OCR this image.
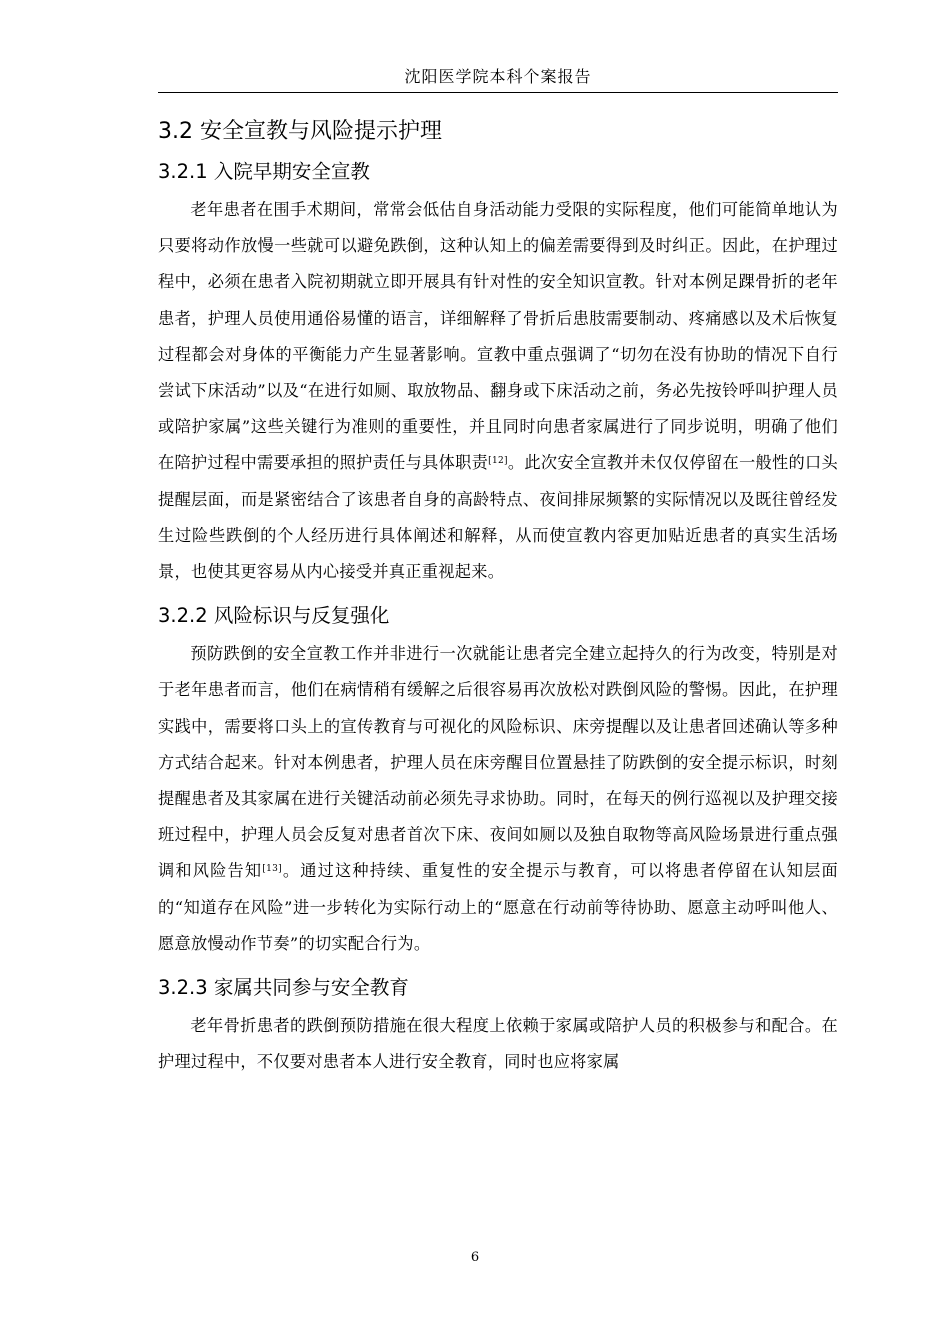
沈阳医学院本科个案报告
3.2 安全宣教与风险提示护理
3.2.1 入院早期安全宣教

老年患者在围手术期间，常常会低估自身活动能力受限的实际程度，他们可能简单地认为只要将动作放慢一些就可以避免跌倒，这种认知上的偏差需要得到及时纠正。因此，在护理过程中，必须在患者入院初期就立即开展具有针对性的安全知识宣教。针对本例足踝骨折的老年患者，护理人员使用通俗易懂的语言，详细解释了骨折后患肢需要制动、疼痛感以及术后恢复过程都会对身体的平衡能力产生显著影响。宣教中重点强调了“切勿在没有协助的情况下自行尝试下床活动”以及“在进行如厕、取放物品、翻身或下床活动之前，务必先按铃呼叫护理人员或陪护家属”这些关键行为准则的重要性，并且同时向患者家属进行了同步说明，明确了他们在陪护过程中需要承担的照护责任与具体职责[12]。此次安全宣教并未仅仅停留在一般性的口头提醒层面，而是紧密结合了该患者自身的高龄特点、夜间排尿频繁的实际情况以及既往曾经发生过险些跌倒的个人经历进行具体阐述和解释，从而使宣教内容更加贴近患者的真实生活场景，也使其更容易从内心接受并真正重视起来。

3.2.2 风险标识与反复强化

预防跌倒的安全宣教工作并非进行一次就能让患者完全建立起持久的行为改变，特别是对于老年患者而言，他们在病情稍有缓解之后很容易再次放松对跌倒风险的警惕。因此，在护理实践中，需要将口头上的宣传教育与可视化的风险标识、床旁提醒以及让患者回述确认等多种方式结合起来。针对本例患者，护理人员在床旁醒目位置悬挂了防跌倒的安全提示标识，时刻提醒患者及其家属在进行关键活动前必须先寻求协助。同时，在每天的例行巡视以及护理交接班过程中，护理人员会反复对患者首次下床、夜间如厕以及独自取物等高风险场景进行重点强调和风险告知[13]。通过这种持续、重复性的安全提示与教育，可以将患者停留在认知层面的“知道存在风险”进一步转化为实际行动上的“愿意在行动前等待协助、愿意主动呼叫他人、愿意放慢动作节奏”的切实配合行为。

3.2.3 家属共同参与安全教育

老年骨折患者的跌倒预防措施在很大程度上依赖于家属或陪护人员的积极参与和配合。在护理过程中，不仅要对患者本人进行安全教育，同时也应将家属

6
